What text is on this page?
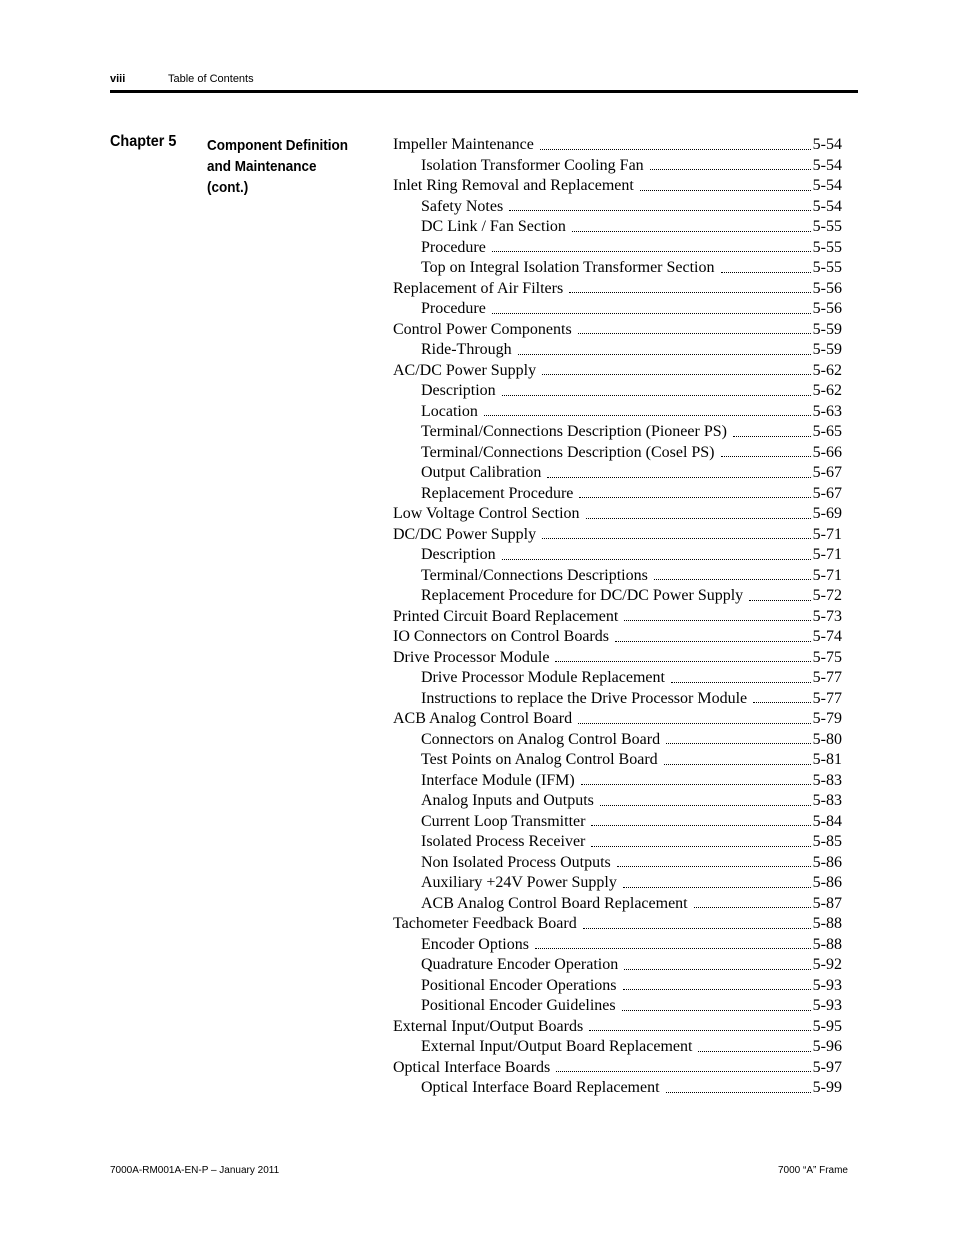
viii	Table of Contents
Chapter 5 Component Definition
and Maintenance
(cont.)
Impeller Maintenance	5-54
Isolation Transformer Cooling Fan	5-54
Inlet Ring Removal and Replacement	5-54
Safety Notes	5-54
DC Link / Fan Section	5-55
Procedure	5-55
Top on Integral Isolation Transformer Section	5-55
Replacement of Air Filters	5-56
Procedure	5-56
Control Power Components	5-59
Ride-Through	5-59
AC/DC Power Supply	5-62
Description	5-62
Location	5-63
Terminal/Connections Description (Pioneer PS)	5-65
Terminal/Connections Description (Cosel PS)	5-66
Output Calibration	5-67
Replacement Procedure	5-67
Low Voltage Control Section	5-69
DC/DC Power Supply	5-71
Description	5-71
Terminal/Connections Descriptions	5-71
Replacement Procedure for DC/DC Power Supply	5-72
Printed Circuit Board Replacement	5-73
IO Connectors on Control Boards	5-74
Drive Processor Module	5-75
Drive Processor Module Replacement	5-77
Instructions to replace the Drive Processor Module	5-77
ACB Analog Control Board	5-79
Connectors on Analog Control Board	5-80
Test Points on Analog Control Board	5-81
Interface Module (IFM)	5-83
Analog Inputs and Outputs	5-83
Current Loop Transmitter	5-84
Isolated Process Receiver	5-85
Non Isolated Process Outputs	5-86
Auxiliary +24V Power Supply	5-86
ACB Analog Control Board Replacement	5-87
Tachometer Feedback Board	5-88
Encoder Options	5-88
Quadrature Encoder Operation	5-92
Positional Encoder Operations	5-93
Positional Encoder Guidelines	5-93
External Input/Output Boards	5-95
External Input/Output Board Replacement	5-96
Optical Interface Boards	5-97
Optical Interface Board Replacement	5-99
7000A-RM001A-EN-P – January 2011	7000 “A” Frame
